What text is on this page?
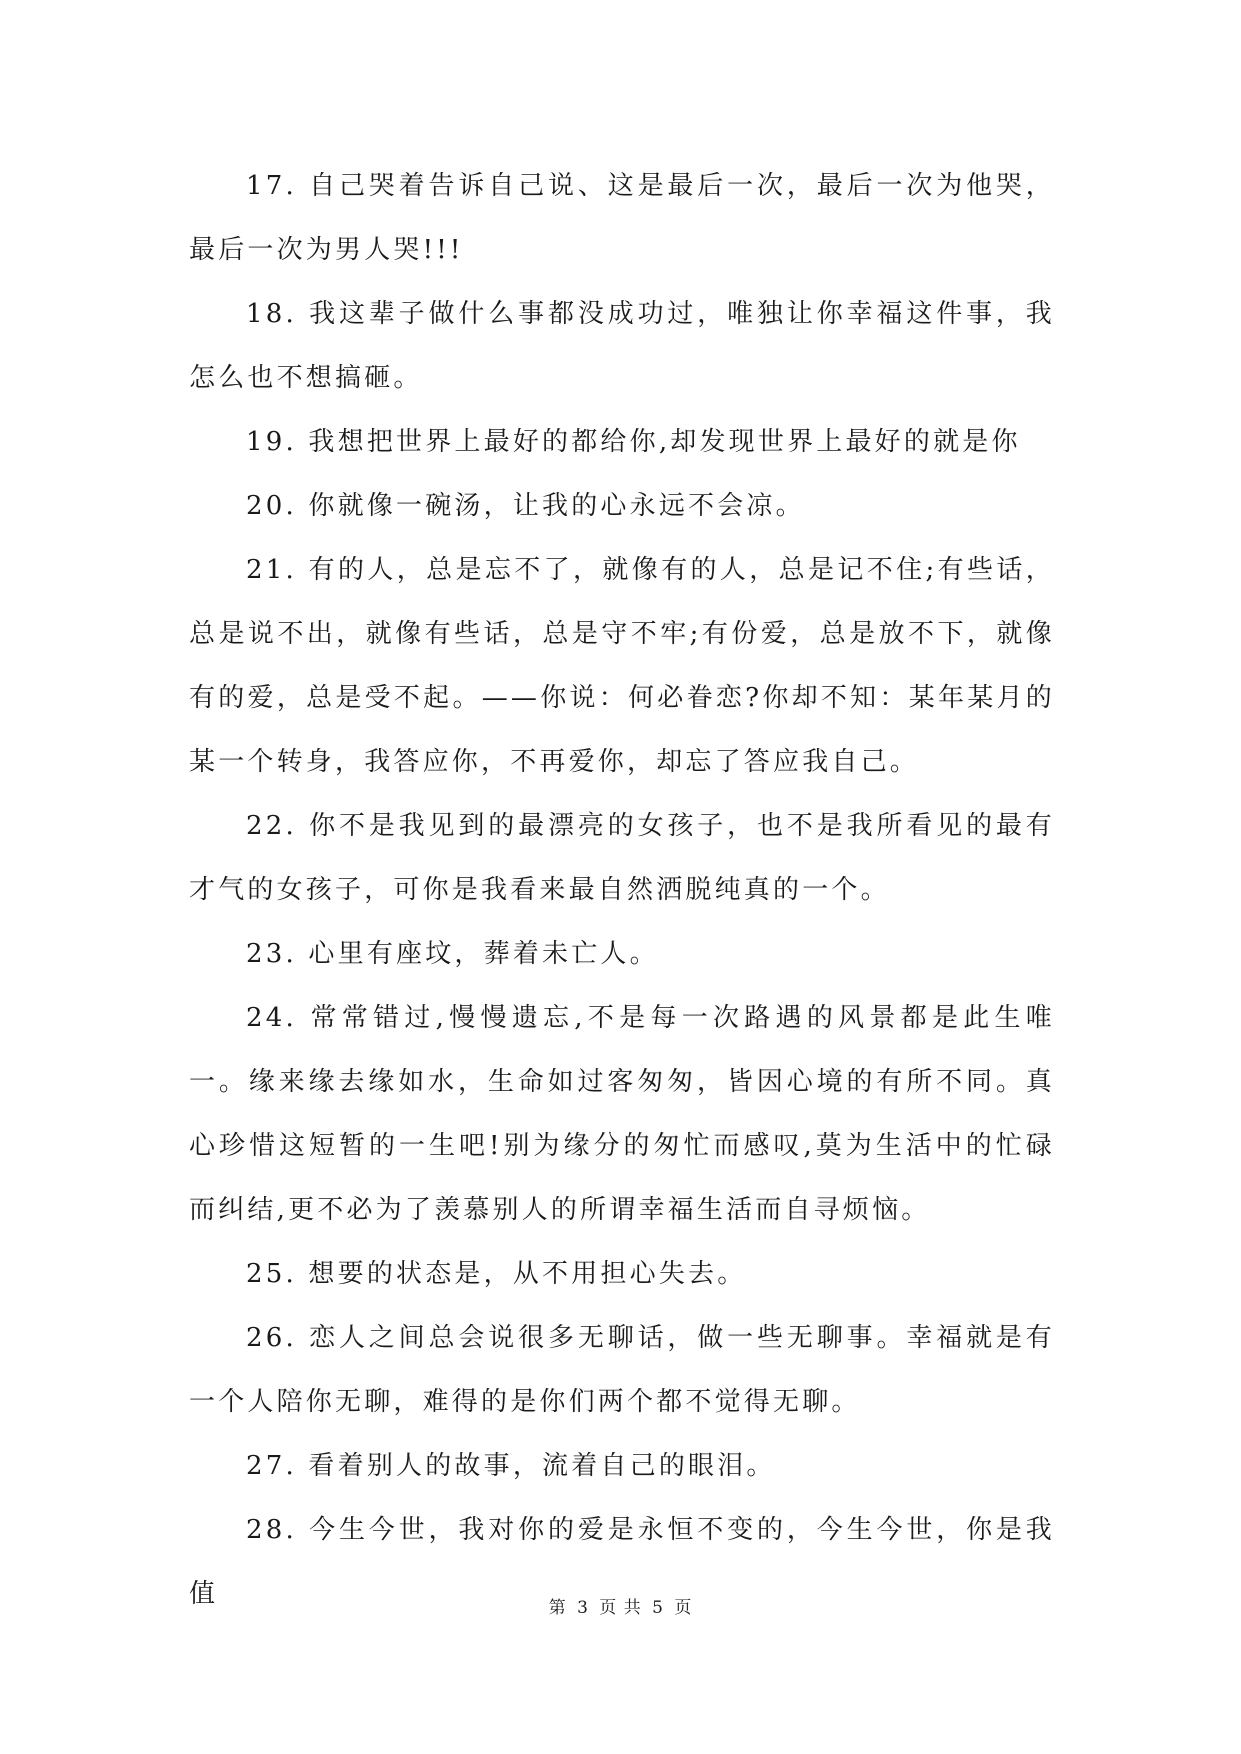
17. 自己哭着告诉自己说、这是最后一次，最后一次为他哭，最后一次为男人哭!!!

18. 我这辈子做什么事都没成功过，唯独让你幸福这件事，我怎么也不想搞砸。

19. 我想把世界上最好的都给你,却发现世界上最好的就是你

20. 你就像一碗汤，让我的心永远不会凉。

21. 有的人，总是忘不了，就像有的人，总是记不住;有些话，总是说不出，就像有些话，总是守不牢;有份爱，总是放不下，就像有的爱，总是受不起。——你说：何必眷恋?你却不知：某年某月的某一个转身，我答应你，不再爱你，却忘了答应我自己。

22. 你不是我见到的最漂亮的女孩子，也不是我所看见的最有才气的女孩子，可你是我看来最自然洒脱纯真的一个。

23. 心里有座坟，葬着未亡人。

24. 常常错过,慢慢遗忘,不是每一次路遇的风景都是此生唯一。缘来缘去缘如水，生命如过客匆匆，皆因心境的有所不同。真心珍惜这短暂的一生吧!别为缘分的匆忙而感叹,莫为生活中的忙碌而纠结,更不必为了羡慕别人的所谓幸福生活而自寻烦恼。

25. 想要的状态是，从不用担心失去。

26. 恋人之间总会说很多无聊话，做一些无聊事。幸福就是有一个人陪你无聊，难得的是你们两个都不觉得无聊。

27. 看着别人的故事，流着自己的眼泪。

28. 今生今世，我对你的爱是永恒不变的，今生今世，你是我值	第 3 页 共 5 页
